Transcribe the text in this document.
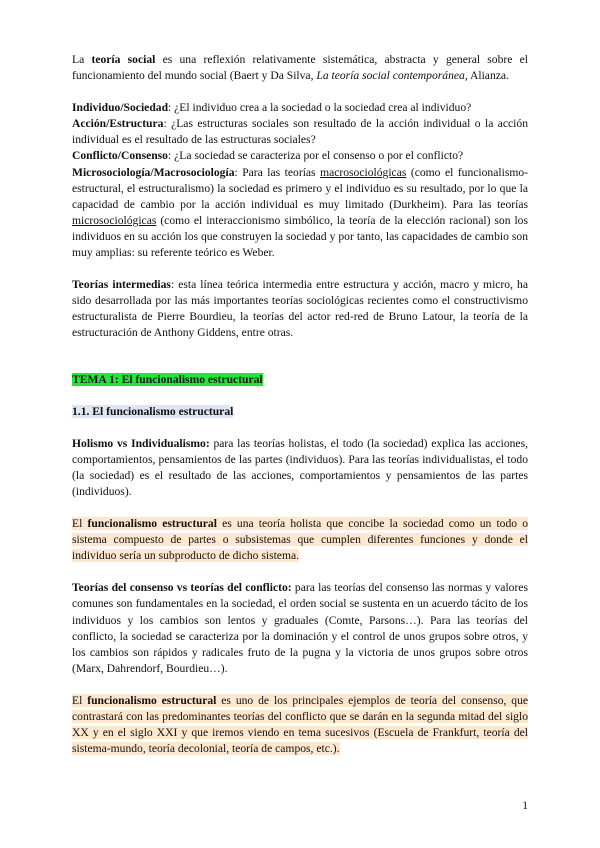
La teoría social es una reflexión relativamente sistemática, abstracta y general sobre el funcionamiento del mundo social (Baert y Da Silva, La teoría social contemporánea, Alianza.

Individuo/Sociedad: ¿El individuo crea a la sociedad o la sociedad crea al individuo?

Acción/Estructura: ¿Las estructuras sociales son resultado de la acción individual o la acción individual es el resultado de las estructuras sociales?

Conflicto/Consenso: ¿La sociedad se caracteriza por el consenso o por el conflicto?

Microsociología/Macrosociología: Para las teorías macrosociológicas (como el funcionalismo-estructural, el estructuralismo) la sociedad es primero y el individuo es su resultado, por lo que la capacidad de cambio por la acción individual es muy limitado (Durkheim). Para las teorías microsociológicas (como el interaccionismo simbólico, la teoría de la elección racional) son los individuos en su acción los que construyen la sociedad y por tanto, las capacidades de cambio son muy amplias: su referente teórico es Weber.

Teorías intermedias: esta línea teórica intermedia entre estructura y acción, macro y micro, ha sido desarrollada por las más importantes teorías sociológicas recientes como el constructivismo estructuralista de Pierre Bourdieu, la teorías del actor red-red de Bruno Latour, la teoría de la estructuración de Anthony Giddens, entre otras.

TEMA 1: El funcionalismo estructural

1.1. El funcionalismo estructural

Holismo vs Individualismo: para las teorías holistas, el todo (la sociedad) explica las acciones, comportamientos, pensamientos de las partes (individuos). Para las teorías individualistas, el todo (la sociedad) es el resultado de las acciones, comportamientos y pensamientos de las partes (individuos).

El funcionalismo estructural es una teoría holista que concibe la sociedad como un todo o sistema compuesto de partes o subsistemas que cumplen diferentes funciones y donde el individuo sería un subproducto de dicho sistema.

Teorías del consenso vs teorías del conflicto: para las teorías del consenso las normas y valores comunes son fundamentales en la sociedad, el orden social se sustenta en un acuerdo tácito de los individuos y los cambios son lentos y graduales (Comte, Parsons…). Para las teorías del conflicto, la sociedad se caracteriza por la dominación y el control de unos grupos sobre otros, y los cambios son rápidos y radicales fruto de la pugna y la victoria de unos grupos sobre otros (Marx, Dahrendorf, Bourdieu…).

El funcionalismo estructural es uno de los principales ejemplos de teoría del consenso, que contrastará con las predominantes teorías del conflicto que se darán en la segunda mitad del siglo XX y en el siglo XXI y que iremos viendo en tema sucesivos (Escuela de Frankfurt, teoría del sistema-mundo, teoría decolonial, teoría de campos, etc.).

1
